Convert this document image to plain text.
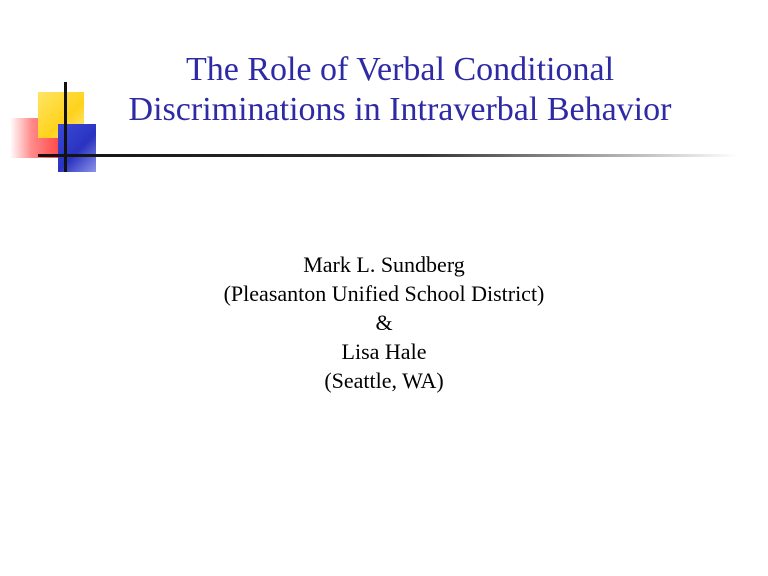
The Role of Verbal Conditional
Discriminations in Intraverbal Behavior
Mark L. Sundberg
(Pleasanton Unified School District)
&
Lisa Hale
(Seattle, WA)
